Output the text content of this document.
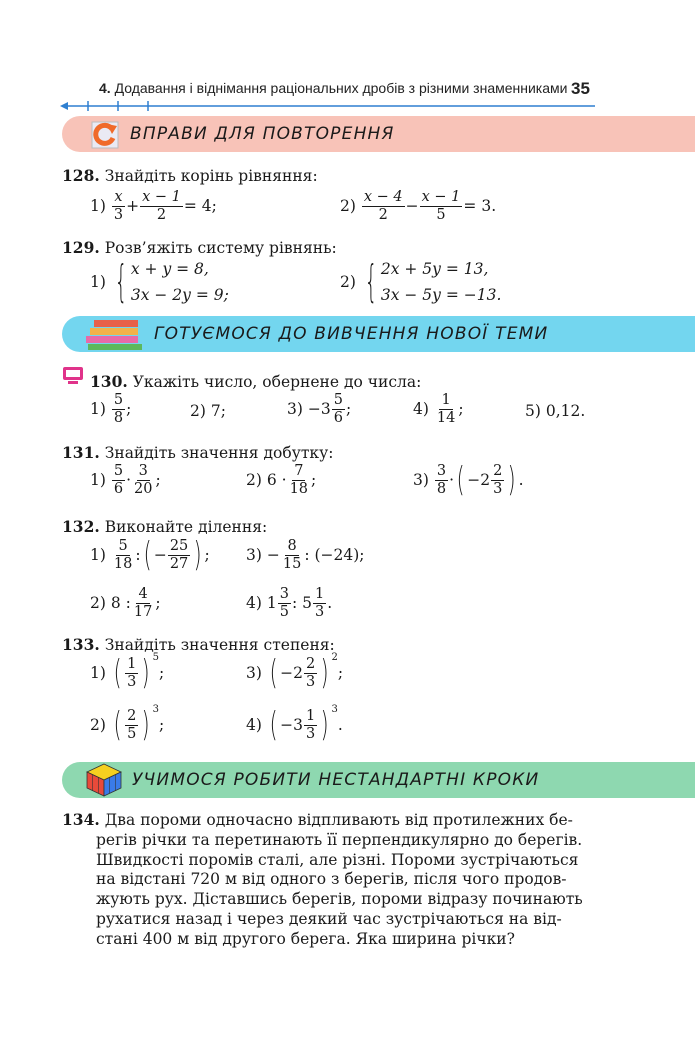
4. Додавання і віднімання раціональних дробів з різними знаменниками 35
ВПРАВИ ДЛЯ ПОВТОРЕННЯ
128. Знайдіть корінь рівняння:
1)
$\frac{x}{3} + \frac{x - 1}{2} = 4$;	2)
$\frac{x - 4}{2} - \frac{x - 1}{5} = 3$.
129. Розв’яжіть систему рівнянь:
1)
{ x + y = 8,
3x − 2y = 9;
2)
{ 2x + 5y = 13,
3x − 5y = −13.
ГОТУЄМОСЯ ДО ВИВЧЕННЯ НОВОЇ ТЕМИ
130. Укажіть число, обернене до числа:
1)
$\frac{5}{8}$ ;	2)
7;	3)
$-3 \frac{5}{6}$ ;	4)
$\frac{1}{14}$ ;	5)
0,12.
131. Знайдіть значення добутку:
1)
$\frac{5}{6} \cdot \frac{3}{20}$ ;	2)
$6 \cdot \frac{7}{18}$ ;	3)
$\frac{3}{8}$ · ( $-2 \frac{2}{3}$ ) .
132. Виконайте ділення:
1)
$\frac{5}{18}$ : ( − $\frac{25}{27}$ ) ; 3)
− $\frac{8}{15}$ : (−24);
2)
8 : $\frac{4}{17}$ ;	4)
$1 \frac{3}{5}$ : $5 \frac{1}{3}$ .
133. Знайдіть значення степеня:
1)
( $\frac{1}{3}$ ) 5
;	3)
( $-2 \frac{2}{3}$ ) 2
;
2)
( $\frac{2}{5}$ ) 3
;	4)
( $-3 \frac{1}{3}$ ) 3
.
УЧИМОСЯ РОБИТИ НЕСТАНДАРТНІ КРОКИ
134. Два пороми одночасно відпливають від протилежних бе-
регів річки та перетинають її перпендикулярно до берегів.
Швидкості поромів сталі, але різні. Пороми зустрічаються
на відстані 720 м від одного з берегів, після чого продов-
жують рух. Діставшись берегів, пороми відразу починають
рухатися назад і через деякий час зустрічаються на від-
стані 400 м від другого берега. Яка ширина річки?
